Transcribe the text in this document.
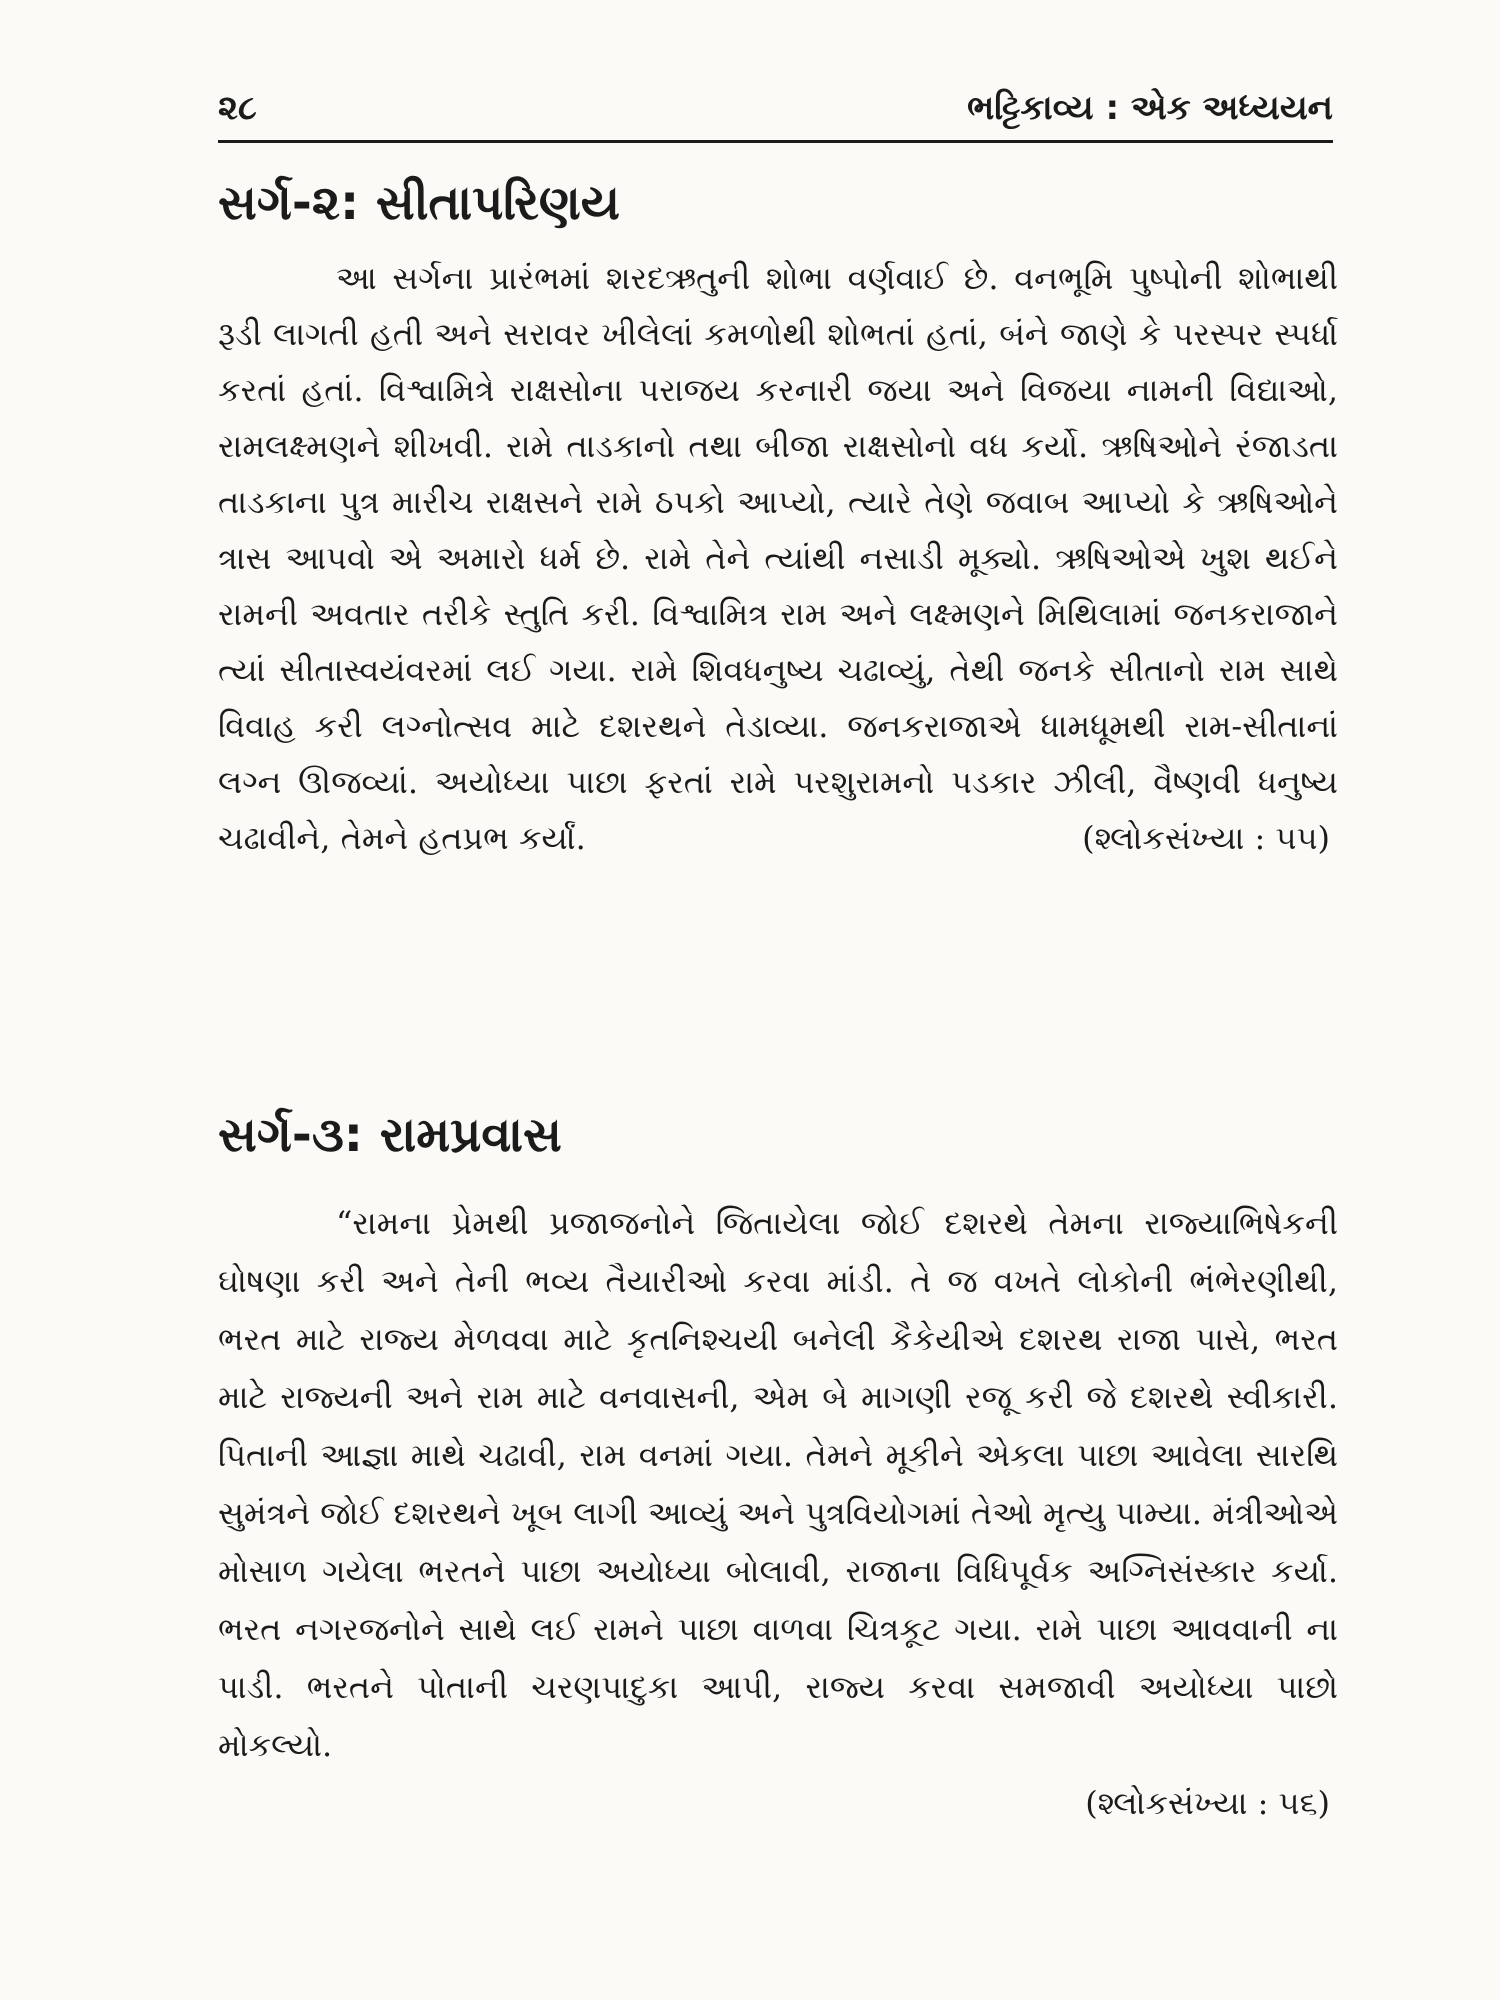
૨૮	ભટ્ટિકાવ્ય : એક અધ્યયન
સર્ગ-૨: સીતાપરિણય

આ સર્ગના પ્રારંભમાં શરદઋતુની શોભા વર્ણવાઈ છે. વનભૂમિ પુષ્પોની શોભાથી રૂડી લાગતી હતી અને સરાવર ખીલેલાં કમળોથી શોભતાં હતાં, બંને જાણે કે પરસ્પર સ્પર્ધા કરતાં હતાં. વિશ્વામિત્રે રાક્ષસોના પરાજય કરનારી જયા અને વિજયા નામની વિદ્યાઓ, રામલક્ષ્મણને શીખવી. રામે તાડકાનો તથા બીજા રાક્ષસોનો વધ કર્યો. ઋષિઓને રંજાડતા તાડકાના પુત્ર મારીચ રાક્ષસને રામે ઠપકો આપ્યો, ત્યારે તેણે જવાબ આપ્યો કે ઋષિઓને ત્રાસ આપવો એ અમારો ધર્મ છે. રામે તેને ત્યાંથી નસાડી મૂક્યો. ઋષિઓએ ખુશ થઈને રામની અવતાર તરીકે સ્તુતિ કરી. વિશ્વામિત્ર રામ અને લક્ષ્મણને મિથિલામાં જનકરાજાને ત્યાં સીતાસ્વયંવરમાં લઈ ગયા. રામે શિવધનુષ્ય ચઢાવ્યું, તેથી જનકે સીતાનો રામ સાથે વિવાહ કરી લગ્નોત્સવ માટે દશરથને તેડાવ્યા. જનકરાજાએ ધામધૂમથી રામ-સીતાનાં લગ્ન ઊજવ્યાં. અયોધ્યા પાછા ફરતાં રામે પરશુરામનો પડકાર ઝીલી, વૈષ્ણવી ધનુષ્ય ચઢાવીને, તેમને હતપ્રભ કર્યાં.	(શ્લોકસંખ્યા : ૫૫)
સર્ગ-૩: રામપ્રવાસ

“રામના પ્રેમથી પ્રજાજનોને જિતાયેલા જોઈ દશરથે તેમના રાજ્યાભિષેકની ઘોષણા કરી અને તેની ભવ્ય તૈયારીઓ કરવા માંડી. તે જ વખતે લોકોની ભંભેરણીથી, ભરત માટે રાજ્ય મેળવવા માટે કૃતનિશ્ચયી બનેલી કૈકેયીએ દશરથ રાજા પાસે, ભરત માટે રાજ્યની અને રામ માટે વનવાસની, એમ બે માગણી રજૂ કરી જે દશરથે સ્વીકારી. પિતાની આજ્ઞા માથે ચઢાવી, રામ વનમાં ગયા. તેમને મૂકીને એકલા પાછા આવેલા સારથિ સુમંત્રને જોઈ દશરથને ખૂબ લાગી આવ્યું અને પુત્રવિયોગમાં તેઓ મૃત્યુ પામ્યા. મંત્રીઓએ મોસાળ ગયેલા ભરતને પાછા અયોધ્યા બોલાવી, રાજાના વિધિપૂર્વક અગ્નિસંસ્કાર કર્યા. ભરત નગરજનોને સાથે લઈ રામને પાછા વાળવા ચિત્રકૂટ ગયા. રામે પાછા આવવાની ના પાડી. ભરતને પોતાની ચરણપાદુકા આપી, રાજ્ય કરવા સમજાવી અયોધ્યા પાછો મોકલ્યો.

(શ્લોકસંખ્યા : ૫૬)
